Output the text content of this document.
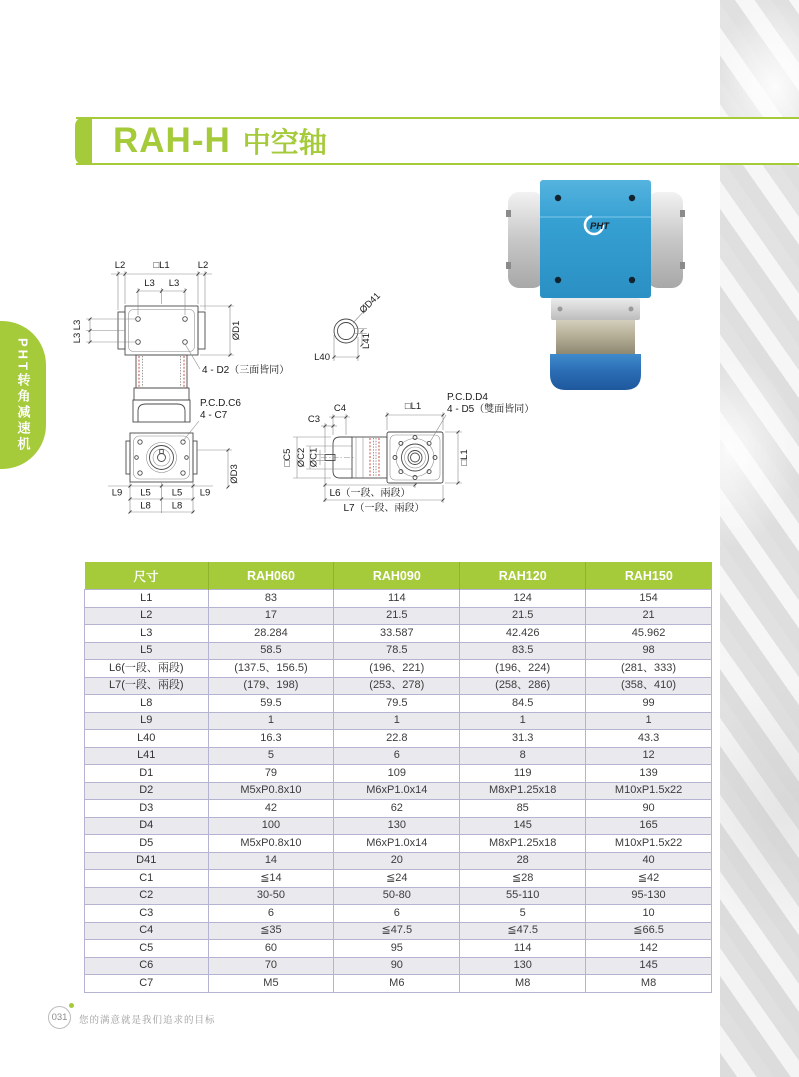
RAH-H 中空轴
PHT转角减速机
L2	□L1	L2
L3 L3
L3
L3	ØD1
4 - D2（三面皆同）
P.C.D.C6
4 - C7
ØD41
L40
L41
L9 L5 L5 L9
L8 L8
ØD3
C4
C3
□C5 ØC2 ØC1
□L1
□L1
P.C.D.D4
4 - D5（雙面皆同）
L6（一段、兩段）
L7（一段、兩段）
PHT
尺寸	RAH060	RAH090	RAH120	RAH150
L1	83	114	124	154
L2	17	21.5	21.5	21
L3	28.284	33.587	42.426	45.962
L5	58.5	78.5	83.5	98
L6(一段、兩段)	(137.5、156.5)	(196、221)	(196、224)	(281、333)
L7(一段、兩段)	(179、198)	(253、278)	(258、286)	(358、410)
L8	59.5	79.5	84.5	99
L9	1	1	1	1
L40	16.3	22.8	31.3	43.3
L41	5	6	8	12
D1	79	109	119	139
D2	M5xP0.8x10	M6xP1.0x14	M8xP1.25x18	M10xP1.5x22
D3	42	62	85	90
D4	100	130	145	165
D5	M5xP0.8x10	M6xP1.0x14	M8xP1.25x18	M10xP1.5x22
D41	14	20	28	40
C1	≦14	≦24	≦28	≦42
C2	30-50	50-80	55-110	95-130
C3	6	6	5	10
C4	≦35	≦47.5	≦47.5	≦66.5
C5	60	95	114	142
C6	70	90	130	145
C7	M5	M6	M8	M8
031 您的满意就是我们追求的目标
